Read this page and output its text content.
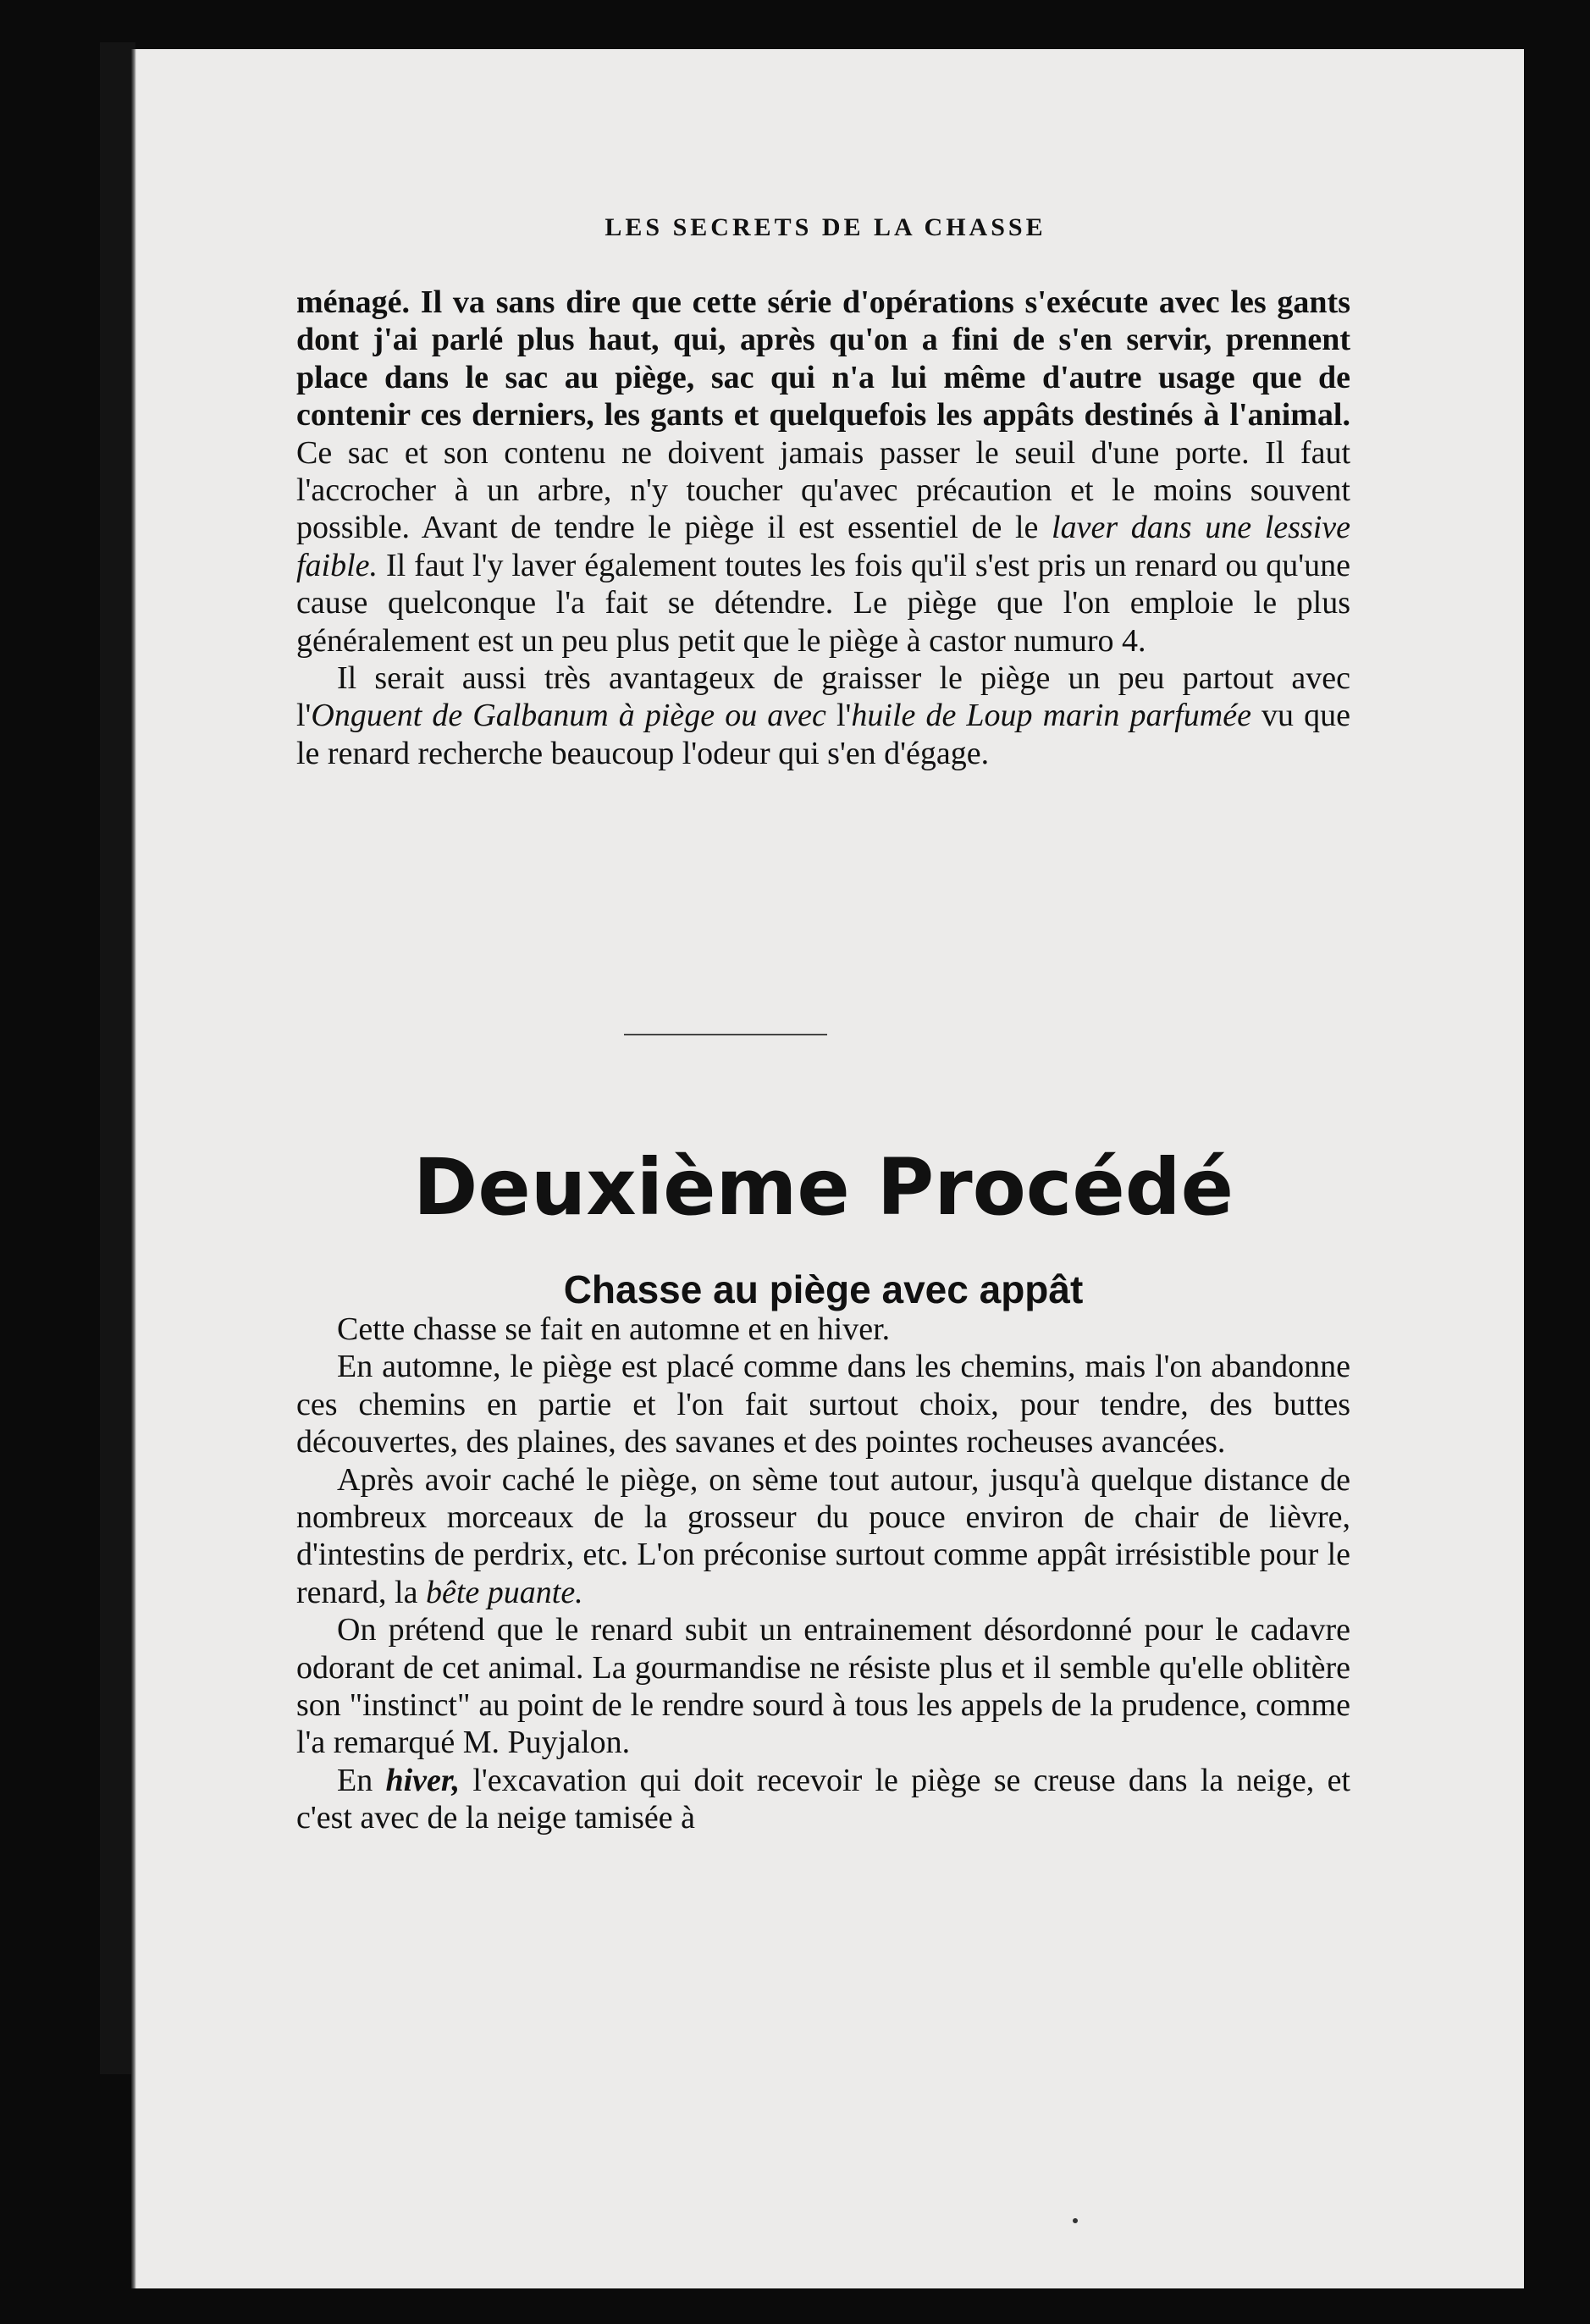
LES SECRETS DE LA CHASSE

ménagé. Il va sans dire que cette série d'opérations s'exécute avec les gants dont j'ai parlé plus haut, qui, après qu'on a fini de s'en servir, prennent place dans le sac au piège, sac qui n'a lui même d'autre usage que de contenir ces derniers, les gants et quelquefois les appâts destinés à l'animal. Ce sac et son contenu ne doivent jamais passer le seuil d'une porte. Il faut l'accrocher à un arbre, n'y toucher qu'avec précaution et le moins souvent possible. Avant de tendre le piège il est essentiel de le laver dans une lessive faible. Il faut l'y laver également toutes les fois qu'il s'est pris un renard ou qu'une cause quelconque l'a fait se détendre. Le piège que l'on emploie le plus généralement est un peu plus petit que le piège à castor numuro 4.

Il serait aussi très avantageux de graisser le piège un peu partout avec l'Onguent de Galbanum à piège ou avec l'huile de Loup marin parfumée vu que le renard recherche beaucoup l'odeur qui s'en d'égage.

Deuxième Procédé
Chasse au piège avec appât

Cette chasse se fait en automne et en hiver.

En automne, le piège est placé comme dans les chemins, mais l'on abandonne ces chemins en partie et l'on fait surtout choix, pour tendre, des buttes découvertes, des plaines, des savanes et des pointes rocheuses avancées.

Après avoir caché le piège, on sème tout autour, jusqu'à quelque distance de nombreux morceaux de la grosseur du pouce environ de chair de lièvre, d'intestins de perdrix, etc. L'on préconise surtout comme appât irrésistible pour le renard, la bête puante.

On prétend que le renard subit un entrainement désordonné pour le cadavre odorant de cet animal. La gourmandise ne résiste plus et il semble qu'elle oblitère son "instinct" au point de le rendre sourd à tous les appels de la prudence, comme l'a remarqué M. Puyjalon.

En hiver, l'excavation qui doit recevoir le piège se creuse dans la neige, et c'est avec de la neige tamisée à
